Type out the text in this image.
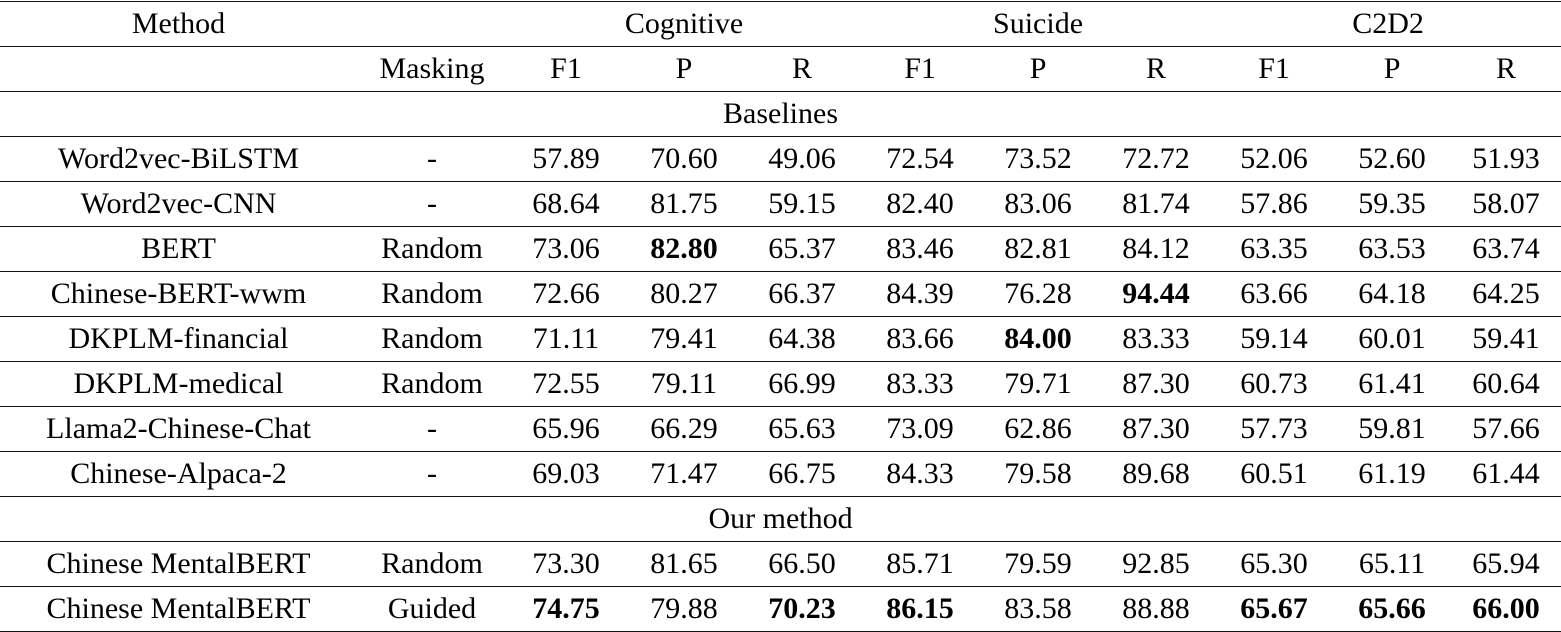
Method		Cognitive			Suicide			C2D2		
	Masking	F1	P	R	F1	P	R	F1	P	R
Baselines										
Word2vec-BiLSTM	-	57.89	70.60	49.06	72.54	73.52	72.72	52.06	52.60	51.93
Word2vec-CNN	-	68.64	81.75	59.15	82.40	83.06	81.74	57.86	59.35	58.07
BERT	Random	73.06	82.80	65.37	83.46	82.81	84.12	63.35	63.53	63.74
Chinese-BERT-wwm	Random	72.66	80.27	66.37	84.39	76.28	94.44	63.66	64.18	64.25
DKPLM-financial	Random	71.11	79.41	64.38	83.66	84.00	83.33	59.14	60.01	59.41
DKPLM-medical	Random	72.55	79.11	66.99	83.33	79.71	87.30	60.73	61.41	60.64
Llama2-Chinese-Chat	-	65.96	66.29	65.63	73.09	62.86	87.30	57.73	59.81	57.66
Chinese-Alpaca-2	-	69.03	71.47	66.75	84.33	79.58	89.68	60.51	61.19	61.44
Our method										
Chinese MentalBERT	Random	73.30	81.65	66.50	85.71	79.59	92.85	65.30	65.11	65.94
Chinese MentalBERT	Guided	74.75	79.88	70.23	86.15	83.58	88.88	65.67	65.66	66.00
